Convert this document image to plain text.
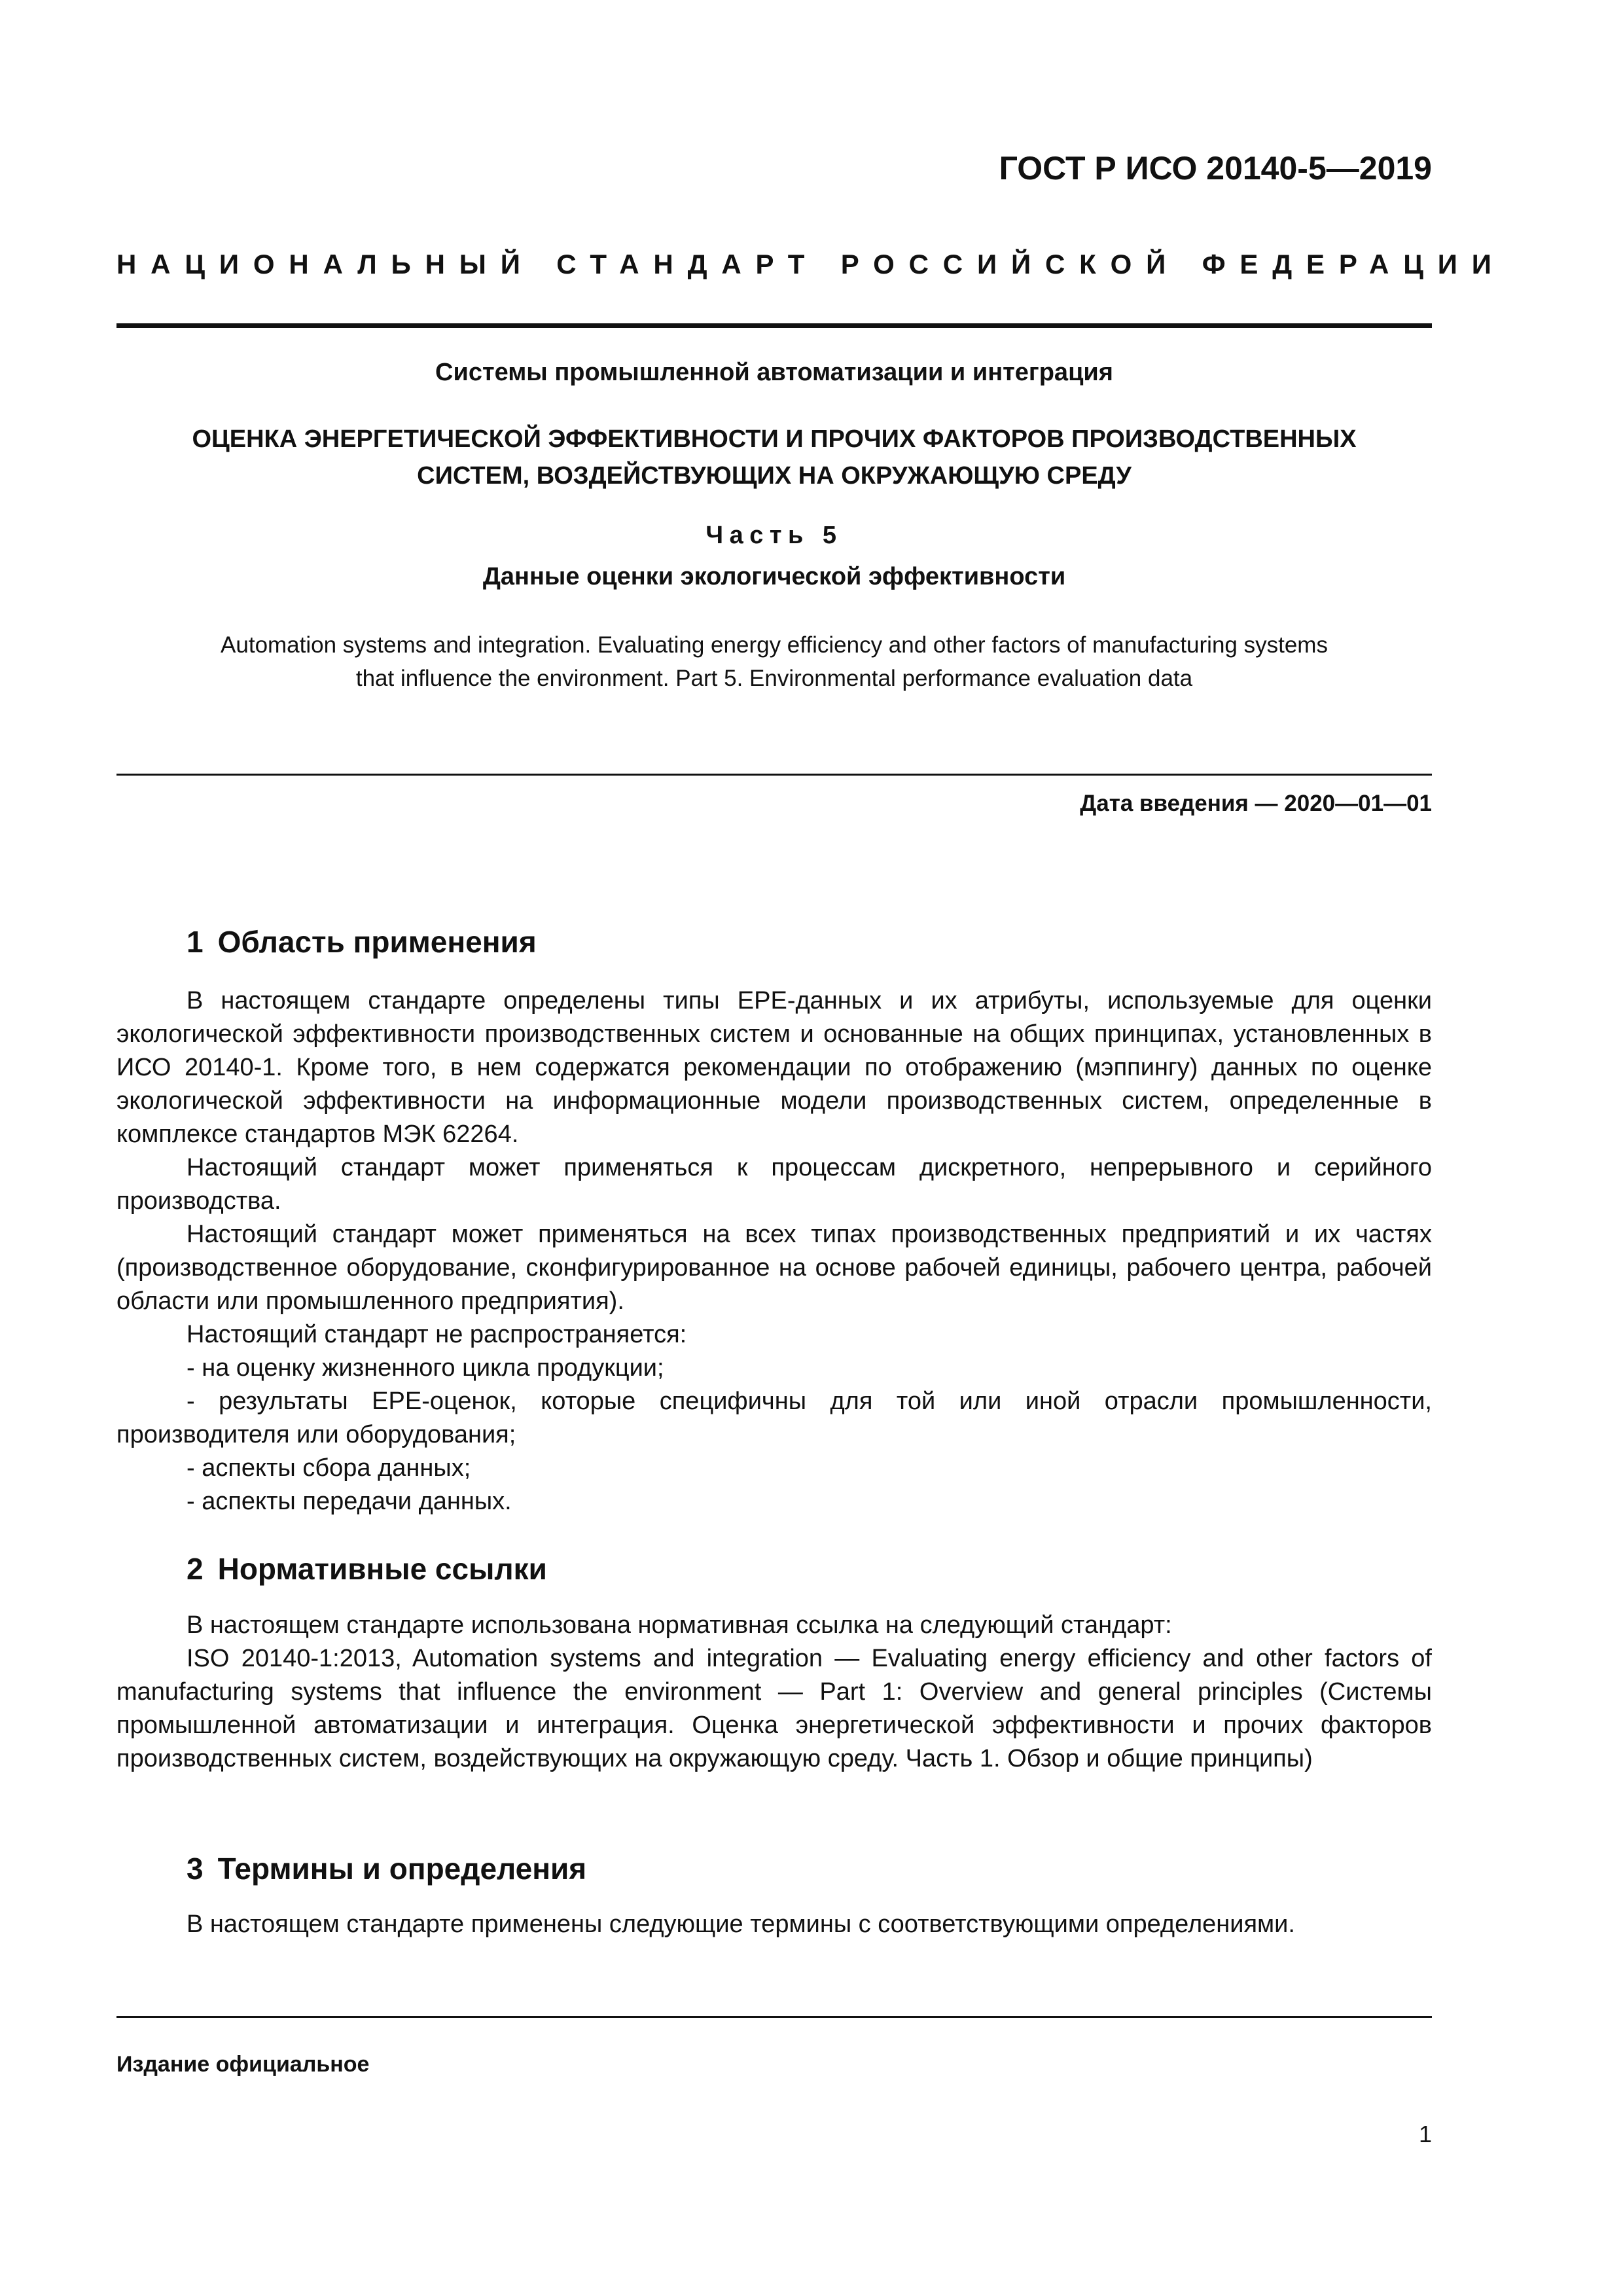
ГОСТ Р ИСО 20140-5—2019
НАЦИОНАЛЬНЫЙ СТАНДАРТ РОССИЙСКОЙ ФЕДЕРАЦИИ
Системы промышленной автоматизации и интеграция
ОЦЕНКА ЭНЕРГЕТИЧЕСКОЙ ЭФФЕКТИВНОСТИ И ПРОЧИХ ФАКТОРОВ ПРОИЗВОДСТВЕННЫХ
СИСТЕМ, ВОЗДЕЙСТВУЮЩИХ НА ОКРУЖАЮЩУЮ СРЕДУ
Часть 5
Данные оценки экологической эффективности
Automation systems and integration. Evaluating energy efficiency and other factors of manufacturing systems
that influence the environment. Part 5. Environmental performance evaluation data
Дата введения — 2020—01—01
1 Область применения

В настоящем стандарте определены типы EPE-данных и их атрибуты, используемые для оценки экологической эффективности производственных систем и основанные на общих принципах, установленных в ИСО 20140-1. Кроме того, в нем содержатся рекомендации по отображению (мэппингу) данных по оценке экологической эффективности на информационные модели производственных систем, определенные в комплексе стандартов МЭК 62264.

Настоящий стандарт может применяться к процессам дискретного, непрерывного и серийного производства.

Настоящий стандарт может применяться на всех типах производственных предприятий и их частях (производственное оборудование, сконфигурированное на основе рабочей единицы, рабочего центра, рабочей области или промышленного предприятия).

Настоящий стандарт не распространяется:

- на оценку жизненного цикла продукции;

- результаты EPE-оценок, которые специфичны для той или иной отрасли промышленности, производителя или оборудования;

- аспекты сбора данных;

- аспекты передачи данных.

2 Нормативные ссылки

В настоящем стандарте использована нормативная ссылка на следующий стандарт:

ISO 20140-1:2013, Automation systems and integration — Evaluating energy efficiency and other factors of manufacturing systems that influence the environment — Part 1: Overview and general principles (Системы промышленной автоматизации и интеграция. Оценка энергетической эффективности и прочих факторов производственных систем, воздействующих на окружающую среду. Часть 1. Обзор и общие принципы)

3 Термины и определения

В настоящем стандарте применены следующие термины с соответствующими определениями.

Издание официальное
1
